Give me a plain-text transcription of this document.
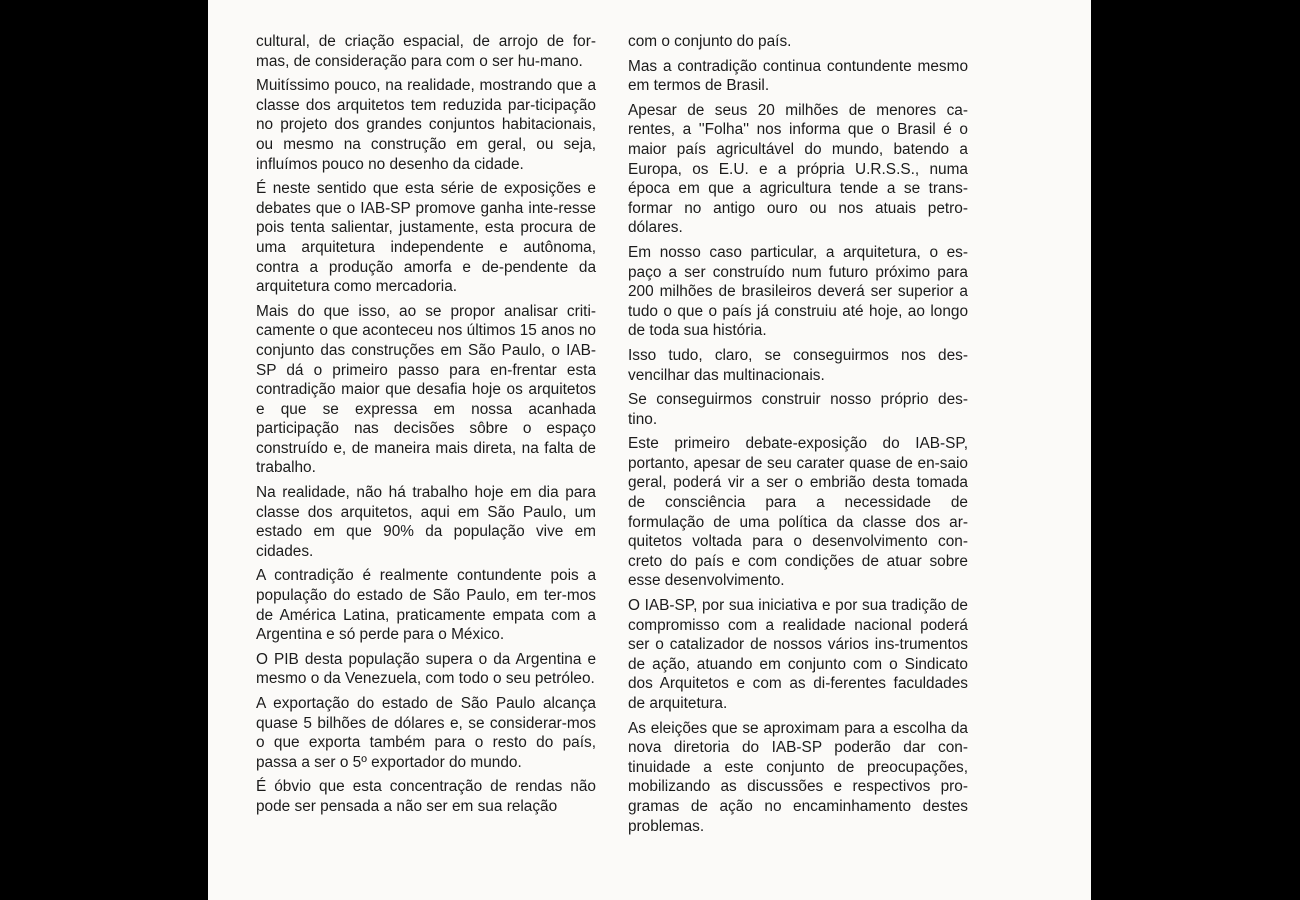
cultural, de criação espacial, de arrojo de for-mas, de consideração para com o ser hu-mano.

Muitíssimo pouco, na realidade, mostrando que a classe dos arquitetos tem reduzida par-ticipação no projeto dos grandes conjuntos habitacionais, ou mesmo na construção em geral, ou seja, influímos pouco no desenho da cidade.

É neste sentido que esta série de exposições e debates que o IAB-SP promove ganha inte-resse pois tenta salientar, justamente, esta procura de uma arquitetura independente e autônoma, contra a produção amorfa e de-pendente da arquitetura como mercadoria.

Mais do que isso, ao se propor analisar criti-camente o que aconteceu nos últimos 15 anos no conjunto das construções em São Paulo, o IAB-SP dá o primeiro passo para en-frentar esta contradição maior que desafia hoje os arquitetos e que se expressa em nossa acanhada participação nas decisões sôbre o espaço construído e, de maneira mais direta, na falta de trabalho.

Na realidade, não há trabalho hoje em dia para classe dos arquitetos, aqui em São Paulo, um estado em que 90% da população vive em cidades.

A contradição é realmente contundente pois a população do estado de São Paulo, em ter-mos de América Latina, praticamente empata com a Argentina e só perde para o México.

O PIB desta população supera o da Argentina e mesmo o da Venezuela, com todo o seu petróleo.

A exportação do estado de São Paulo alcança quase 5 bilhões de dólares e, se considerar-mos o que exporta também para o resto do país, passa a ser o 5º exportador do mundo.

É óbvio que esta concentração de rendas não pode ser pensada a não ser em sua relação

com o conjunto do país.

Mas a contradição continua contundente mesmo em termos de Brasil.

Apesar de seus 20 milhões de menores ca-rentes, a ''Folha'' nos informa que o Brasil é o maior país agricultável do mundo, batendo a Europa, os E.U. e a própria U.R.S.S., numa época em que a agricultura tende a se trans-formar no antigo ouro ou nos atuais petro-dólares.

Em nosso caso particular, a arquitetura, o es-paço a ser construído num futuro próximo para 200 milhões de brasileiros deverá ser superior a tudo o que o país já construiu até hoje, ao longo de toda sua história.

Isso tudo, claro, se conseguirmos nos des-vencilhar das multinacionais.

Se conseguirmos construir nosso próprio des-tino.

Este primeiro debate-exposição do IAB-SP, portanto, apesar de seu carater quase de en-saio geral, poderá vir a ser o embrião desta tomada de consciência para a necessidade de formulação de uma política da classe dos ar-quitetos voltada para o desenvolvimento con-creto do país e com condições de atuar sobre esse desenvolvimento.

O IAB-SP, por sua iniciativa e por sua tradição de compromisso com a realidade nacional poderá ser o catalizador de nossos vários ins-trumentos de ação, atuando em conjunto com o Sindicato dos Arquitetos e com as di-ferentes faculdades de arquitetura.

As eleições que se aproximam para a escolha da nova diretoria do IAB-SP poderão dar con-tinuidade a este conjunto de preocupações, mobilizando as discussões e respectivos pro-gramas de ação no encaminhamento destes problemas.
